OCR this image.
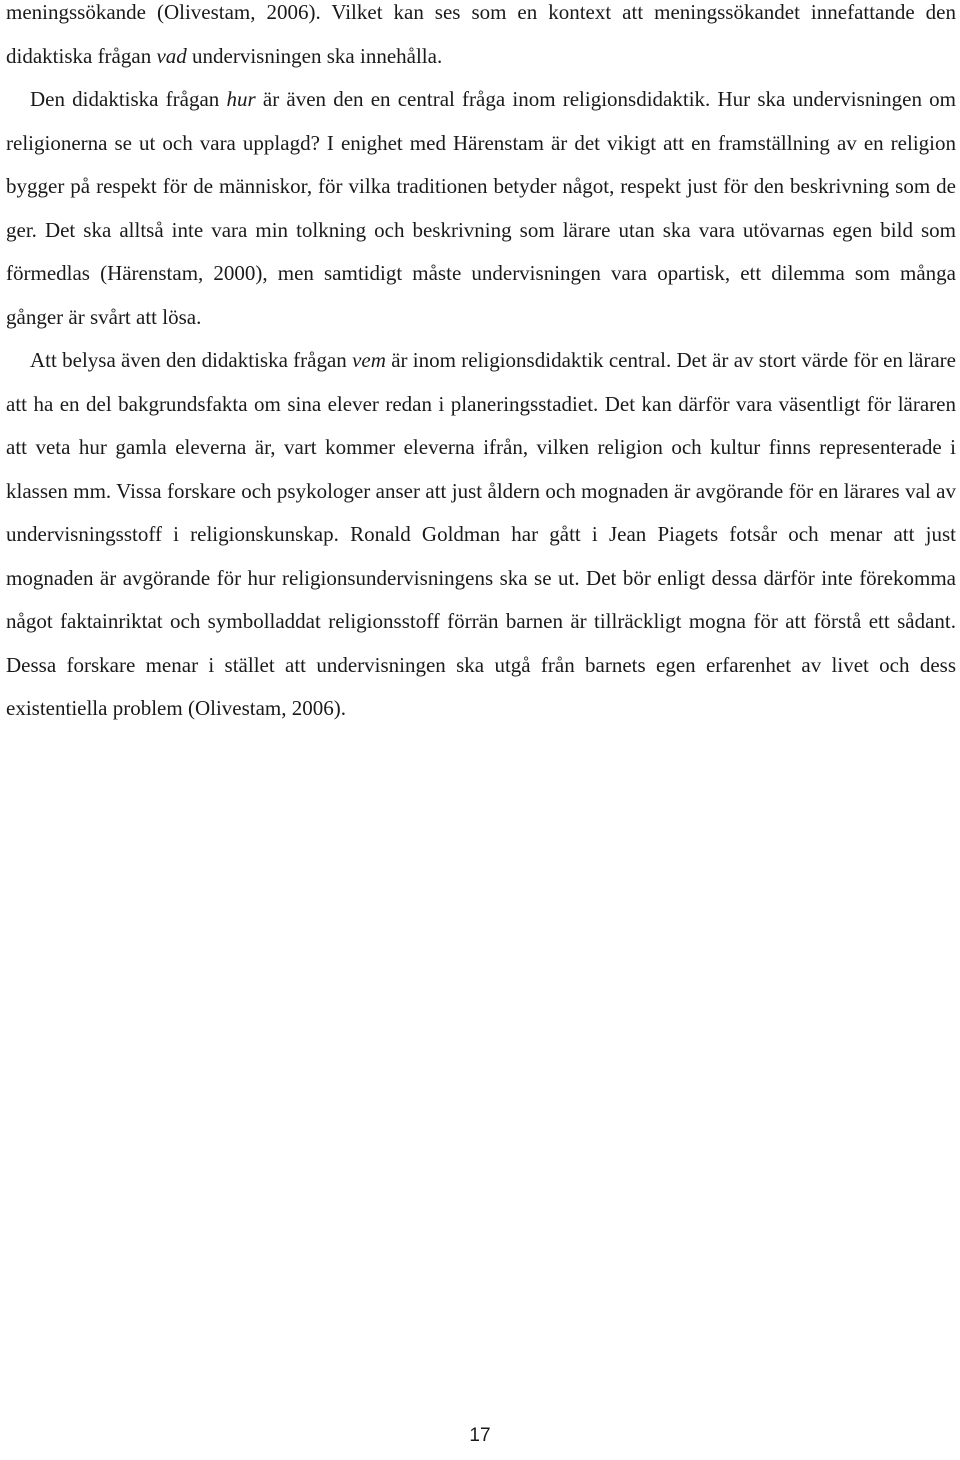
meningssökande (Olivestam, 2006). Vilket kan ses som en kontext att meningssökandet innefattande den didaktiska frågan vad undervisningen ska innehålla.

Den didaktiska frågan hur är även den en central fråga inom religionsdidaktik. Hur ska undervisningen om religionerna se ut och vara upplagd? I enighet med Härenstam är det vikigt att en framställning av en religion bygger på respekt för de människor, för vilka traditionen betyder något, respekt just för den beskrivning som de ger. Det ska alltså inte vara min tolkning och beskrivning som lärare utan ska vara utövarnas egen bild som förmedlas (Härenstam, 2000), men samtidigt måste undervisningen vara opartisk, ett dilemma som många gånger är svårt att lösa.

Att belysa även den didaktiska frågan vem är inom religionsdidaktik central. Det är av stort värde för en lärare att ha en del bakgrundsfakta om sina elever redan i planeringsstadiet. Det kan därför vara väsentligt för läraren att veta hur gamla eleverna är, vart kommer eleverna ifrån, vilken religion och kultur finns representerade i klassen mm. Vissa forskare och psykologer anser att just åldern och mognaden är avgörande för en lärares val av undervisningsstoff i religionskunskap. Ronald Goldman har gått i Jean Piagets fotsår och menar att just mognaden är avgörande för hur religionsundervisningens ska se ut. Det bör enligt dessa därför inte förekomma något faktainriktat och symbolladdat religionsstoff förrän barnen är tillräckligt mogna för att förstå ett sådant. Dessa forskare menar i stället att undervisningen ska utgå från barnets egen erfarenhet av livet och dess existentiella problem (Olivestam, 2006).

17
